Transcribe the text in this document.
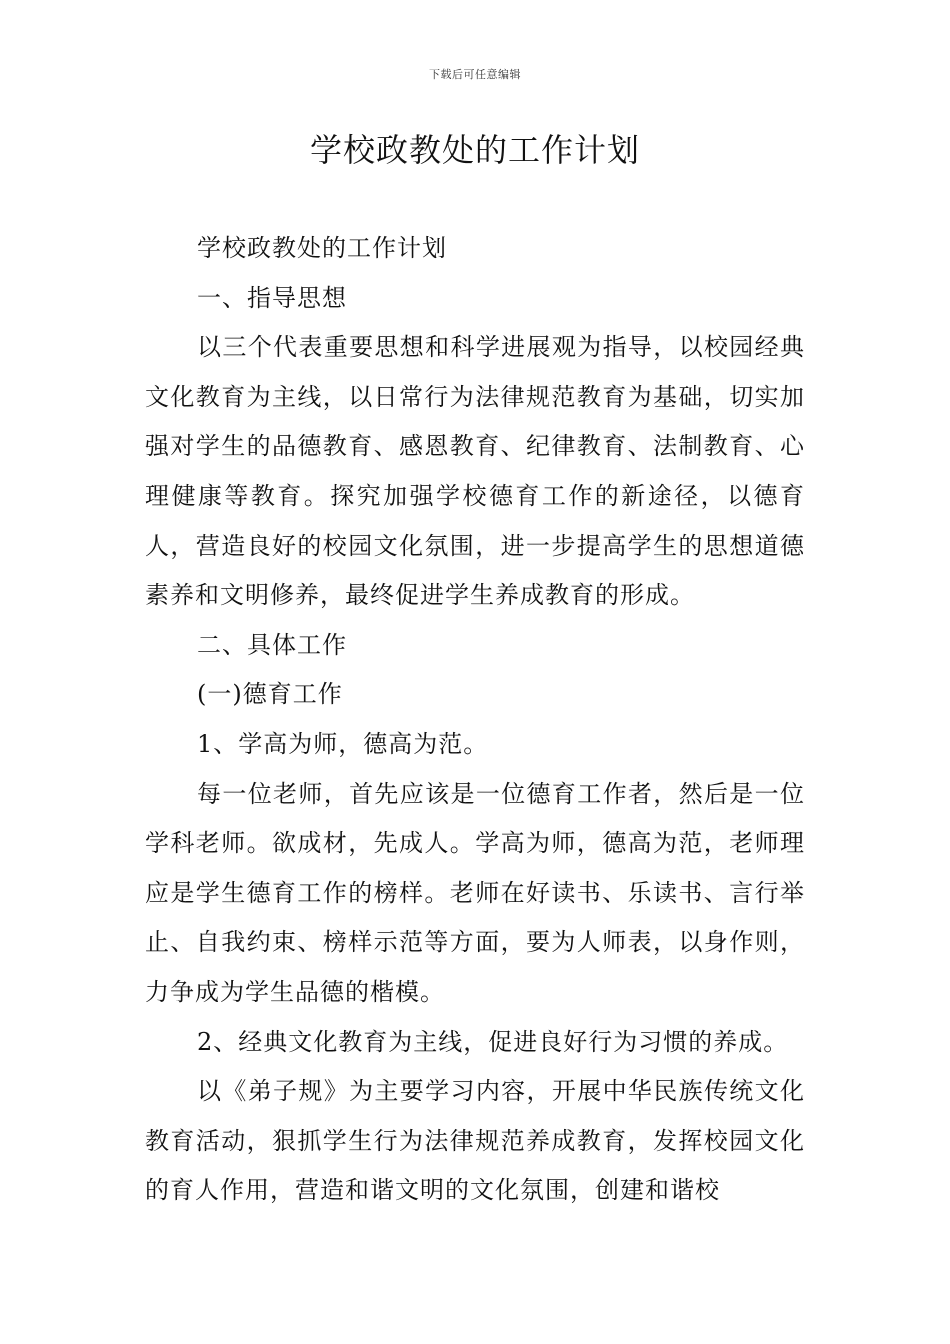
下载后可任意编辑
学校政教处的工作计划

学校政教处的工作计划

一、指导思想

以三个代表重要思想和科学进展观为指导，以校园经典文化教育为主线，以日常行为法律规范教育为基础，切实加强对学生的品德教育、感恩教育、纪律教育、法制教育、心理健康等教育。探究加强学校德育工作的新途径，以德育人，营造良好的校园文化氛围，进一步提高学生的思想道德素养和文明修养，最终促进学生养成教育的形成。

二、具体工作

(一)德育工作

1、学高为师，德高为范。

每一位老师，首先应该是一位德育工作者，然后是一位学科老师。欲成材，先成人。学高为师，德高为范，老师理应是学生德育工作的榜样。老师在好读书、乐读书、言行举止、自我约束、榜样示范等方面，要为人师表，以身作则，力争成为学生品德的楷模。

2、经典文化教育为主线，促进良好行为习惯的养成。

以《弟子规》为主要学习内容，开展中华民族传统文化教育活动，狠抓学生行为法律规范养成教育，发挥校园文化的育人作用，营造和谐文明的文化氛围，创建和谐校
